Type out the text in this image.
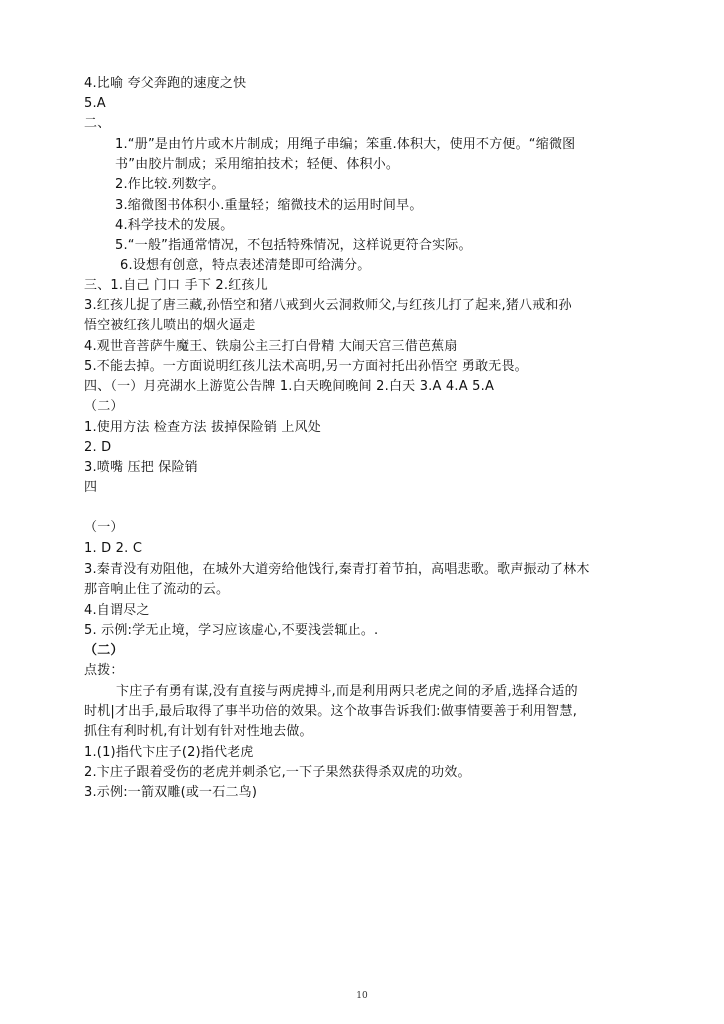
4.比喻 夸父奔跑的速度之快
5.A
二、
1.“册”是由竹片或木片制成；用绳子串编；笨重.体积大，使用不方便。“缩微图
书”由胶片制成；采用缩拍技术；轻便、体积小。
2.作比较.列数字。
3.缩微图书体积小.重量轻；缩微技术的运用时间早。
4.科学技术的发展。
5.“一般”指通常情况，不包括特殊情况，这样说更符合实际。
6.设想有创意，特点表述清楚即可给满分。
三、1.自己 门口 手下 2.红孩儿
3.红孩儿捉了唐三藏,孙悟空和猪八戒到火云洞救师父,与红孩儿打了起来,猪八戒和孙
悟空被红孩儿喷出的烟火逼走
4.观世音菩萨牛魔王、铁扇公主三打白骨精 大闹天宫三借芭蕉扇
5.不能去掉。一方面说明红孩儿法术高明,另一方面衬托出孙悟空 勇敢无畏。
四、（一）月亮湖水上游览公告牌 1.白天晚间晚间 2.白天 3.A 4.A 5.A
（二）
1.使用方法 检查方法 拔掉保险销 上风处
2. D
3.喷嘴 压把 保险销
四
（一）
1. D 2. C
3.秦青没有劝阻他，在城外大道旁给他饯行,秦青打着节拍，高唱悲歌。歌声振动了林木
那音响止住了流动的云。
4.自谓尽之
5. 示例:学无止境，学习应该虚心,不要浅尝辄止。.
（二）
点拨：
卞庄子有勇有谋,没有直接与两虎搏斗,而是利用两只老虎之间的矛盾,选择合适的
时机|才出手,最后取得了事半功倍的效果。这个故事告诉我们:做事情要善于利用智慧,
抓住有利时机,有计划有针对性地去做。
1.(1)指代卞庄子(2)指代老虎
2.卞庄子跟着受伤的老虎并刺杀它,一下子果然获得杀双虎的功效。
3.示例:一箭双雕(或一石二鸟)
10
